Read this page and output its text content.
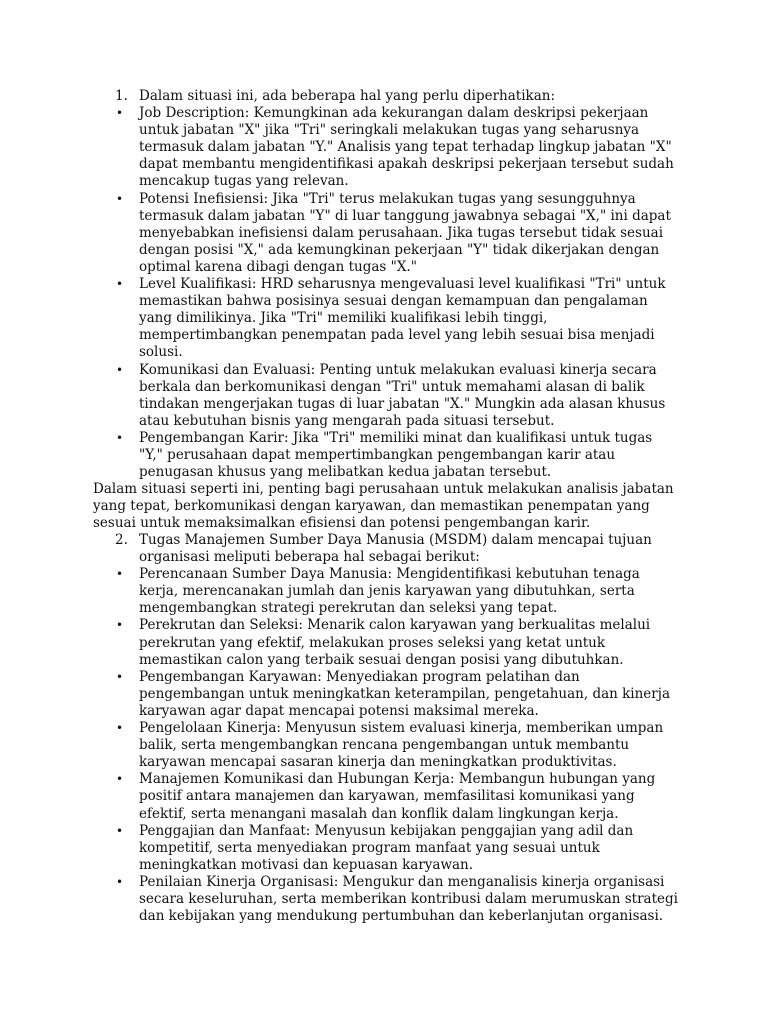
1. Dalam situasi ini, ada beberapa hal yang perlu diperhatikan:
• Job Description: Kemungkinan ada kekurangan dalam deskripsi pekerjaan untuk jabatan "X" jika "Tri" seringkali melakukan tugas yang seharusnya termasuk dalam jabatan "Y." Analisis yang tepat terhadap lingkup jabatan "X" dapat membantu mengidentifikasi apakah deskripsi pekerjaan tersebut sudah mencakup tugas yang relevan.
• Potensi Inefisiensi: Jika "Tri" terus melakukan tugas yang sesungguhnya termasuk dalam jabatan "Y" di luar tanggung jawabnya sebagai "X," ini dapat menyebabkan inefisiensi dalam perusahaan. Jika tugas tersebut tidak sesuai dengan posisi "X," ada kemungkinan pekerjaan "Y" tidak dikerjakan dengan optimal karena dibagi dengan tugas "X."
• Level Kualifikasi: HRD seharusnya mengevaluasi level kualifikasi "Tri" untuk memastikan bahwa posisinya sesuai dengan kemampuan dan pengalaman yang dimilikinya. Jika "Tri" memiliki kualifikasi lebih tinggi, mempertimbangkan penempatan pada level yang lebih sesuai bisa menjadi solusi.
• Komunikasi dan Evaluasi: Penting untuk melakukan evaluasi kinerja secara berkala dan berkomunikasi dengan "Tri" untuk memahami alasan di balik tindakan mengerjakan tugas di luar jabatan "X." Mungkin ada alasan khusus atau kebutuhan bisnis yang mengarah pada situasi tersebut.
• Pengembangan Karir: Jika "Tri" memiliki minat dan kualifikasi untuk tugas "Y," perusahaan dapat mempertimbangkan pengembangan karir atau penugasan khusus yang melibatkan kedua jabatan tersebut.
Dalam situasi seperti ini, penting bagi perusahaan untuk melakukan analisis jabatan yang tepat, berkomunikasi dengan karyawan, dan memastikan penempatan yang sesuai untuk memaksimalkan efisiensi dan potensi pengembangan karir.
2. Tugas Manajemen Sumber Daya Manusia (MSDM) dalam mencapai tujuan organisasi meliputi beberapa hal sebagai berikut:
• Perencanaan Sumber Daya Manusia: Mengidentifikasi kebutuhan tenaga kerja, merencanakan jumlah dan jenis karyawan yang dibutuhkan, serta mengembangkan strategi perekrutan dan seleksi yang tepat.
• Perekrutan dan Seleksi: Menarik calon karyawan yang berkualitas melalui perekrutan yang efektif, melakukan proses seleksi yang ketat untuk memastikan calon yang terbaik sesuai dengan posisi yang dibutuhkan.
• Pengembangan Karyawan: Menyediakan program pelatihan dan pengembangan untuk meningkatkan keterampilan, pengetahuan, dan kinerja karyawan agar dapat mencapai potensi maksimal mereka.
• Pengelolaan Kinerja: Menyusun sistem evaluasi kinerja, memberikan umpan balik, serta mengembangkan rencana pengembangan untuk membantu karyawan mencapai sasaran kinerja dan meningkatkan produktivitas.
• Manajemen Komunikasi dan Hubungan Kerja: Membangun hubungan yang positif antara manajemen dan karyawan, memfasilitasi komunikasi yang efektif, serta menangani masalah dan konflik dalam lingkungan kerja.
• Penggajian dan Manfaat: Menyusun kebijakan penggajian yang adil dan kompetitif, serta menyediakan program manfaat yang sesuai untuk meningkatkan motivasi dan kepuasan karyawan.
• Penilaian Kinerja Organisasi: Mengukur dan menganalisis kinerja organisasi secara keseluruhan, serta memberikan kontribusi dalam merumuskan strategi dan kebijakan yang mendukung pertumbuhan dan keberlanjutan organisasi.
